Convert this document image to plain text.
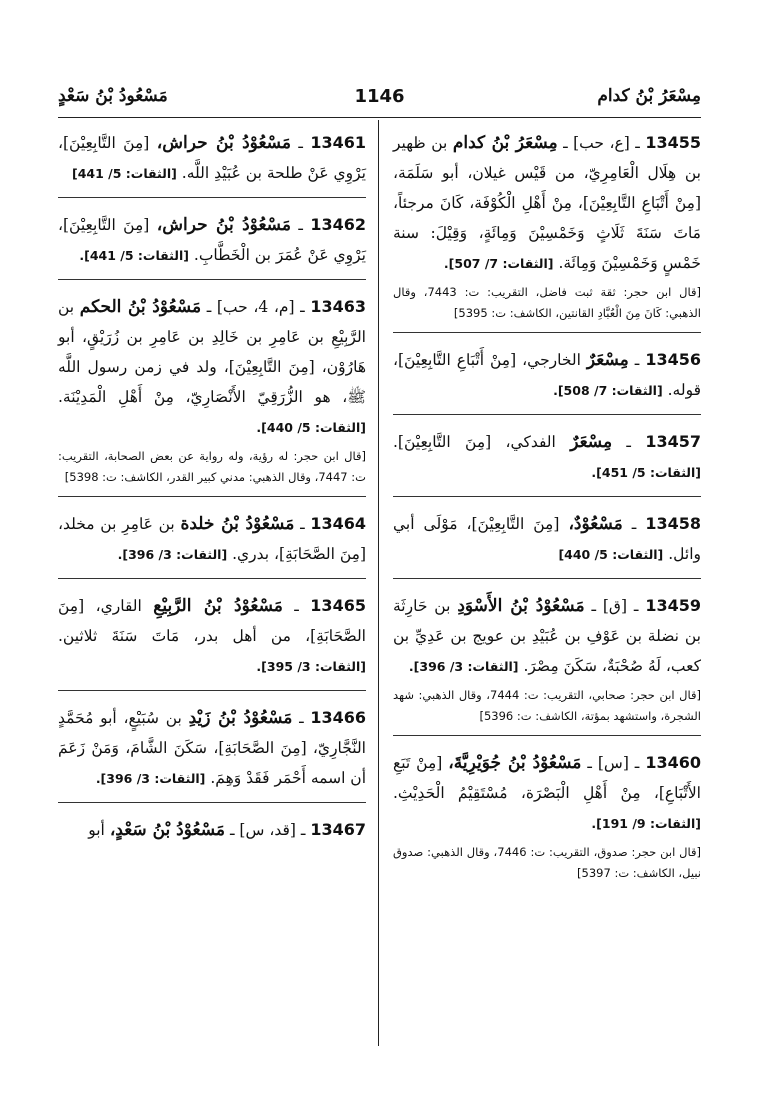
مِسْعَرُ بْنُ كدام
1146
مَسْعُودُ بْنُ سَعْدٍ

13455 ـ [ع، حب] ـ مِسْعَرُ بْنُ كدام بن ظهير بن هِلَال الْعَامِرِيّ، من قَيْس غيلان، أبو سَلَمَة، [مِنْ أَتْبَاعِ التَّابِعِيْنَ]، مِنْ أَهْلِ الْكُوْفَة، كَانَ مرجئاً، مَاتَ سَنَةَ ثَلَاثٍ وَخَمْسِيْنَ وَمِائَةٍ، وَقِيْلَ: سنة خَمْسٍ وَخَمْسِيْنَ وَمِائَة. [الثقات: 7/ 507].

[قال ابن حجر: ثقة ثبت فاضل، التقريب: ت: 7443، وقال الذهبي: كَانَ مِنَ الْعُبَّادِ القانتين، الكاشف: ت: 5395]

13456 ـ مِسْعَرٌ الخارجي، [مِنْ أَتْبَاعِ التَّابِعِيْنَ]، قوله. [الثقات: 7/ 508].

13457 ـ مِسْعَرٌ الفدكي، [مِنَ التَّابِعِيْنَ]. [الثقات: 5/ 451].

13458 ـ مَسْعُوْدٌ، [مِنَ التَّابِعِيْنَ]، مَوْلَى أبي وائل. [الثقات: 5/ 440]

13459 ـ [ق] ـ مَسْعُوْدُ بْنُ الأَسْوَدِ بن حَارِثَة بن نضلة بن عَوْفِ بن عُبَيْدِ بن عويج بن عَدِيِّ بن كعب، لَهُ صُحْبَةٌ، سَكَنَ مِصْرَ. [الثقات: 3/ 396].

[قال ابن حجر: صحابي، التقريب: ت: 7444، وقال الذهبي: شهد الشجرة، واستشهد بمؤتة، الكاشف: ت: 5396]

13460 ـ [س] ـ مَسْعُوْدُ بْنُ جُوَيْرِيَّةَ، [مِنْ تَبَعِ الأَتْبَاعِ]، مِنْ أَهْلِ الْبَصْرَة، مُسْتَقِيْمُ الْحَدِيْثِ. [الثقات: 9/ 191].

[قال ابن حجر: صدوق، التقريب: ت: 7446، وقال الذهبي: صدوق نبيل، الكاشف: ت: 5397]

13461 ـ مَسْعُوْدُ بْنُ حراش، [مِنَ التَّابِعِيْنَ]، يَرْوِي عَنْ طلحة بن عُبَيْدِ اللَّه. [الثقات: 5/ 441]

13462 ـ مَسْعُوْدُ بْنُ حراش، [مِنَ التَّابِعِيْنَ]، يَرْوِي عَنْ عُمَرَ بن الْخَطَّابِ. [الثقات: 5/ 441].

13463 ـ [م، 4، حب] ـ مَسْعُوْدُ بْنُ الحكم بن الرَّبِيْعِ بن عَامِرِ بن خَالِدِ بن عَامِرِ بن زُرَيْقٍ، أبو هَارُوْن، [مِنَ التَّابِعِيْنَ]، ولد في زمن رسول اللَّه ﷺ، هو الزُّرَقِيّ الأَنْصَارِيّ، مِنْ أَهْلِ الْمَدِيْنَة. [الثقات: 5/ 440].

[قال ابن حجر: له رؤية، وله رواية عن بعض الصحابة، التقريب: ت: 7447، وقال الذهبي: مدني كبير القدر، الكاشف: ت: 5398]

13464 ـ مَسْعُوْدُ بْنُ خلدة بن عَامِرِ بن مخلد، [مِنَ الصَّحَابَةِ]، بدري. [الثقات: 3/ 396].

13465 ـ مَسْعُوْدُ بْنُ الرَّبِيْعِ القاري، [مِنَ الصَّحَابَةِ]، من أهل بدر، مَاتَ سَنَةَ ثلاثين. [الثقات: 3/ 395].

13466 ـ مَسْعُوْدُ بْنُ زَيْدِ بن سُبَيْعٍ، أبو مُحَمَّدٍ النَّجَّارِيّ، [مِنَ الصَّحَابَةِ]، سَكَنَ الشَّامَ، وَمَنْ زَعَمَ أن اسمه أَحْمَر فَقَدْ وَهِمَ. [الثقات: 3/ 396].

13467 ـ [قد، س] ـ مَسْعُوْدُ بْنُ سَعْدٍ، أبو
